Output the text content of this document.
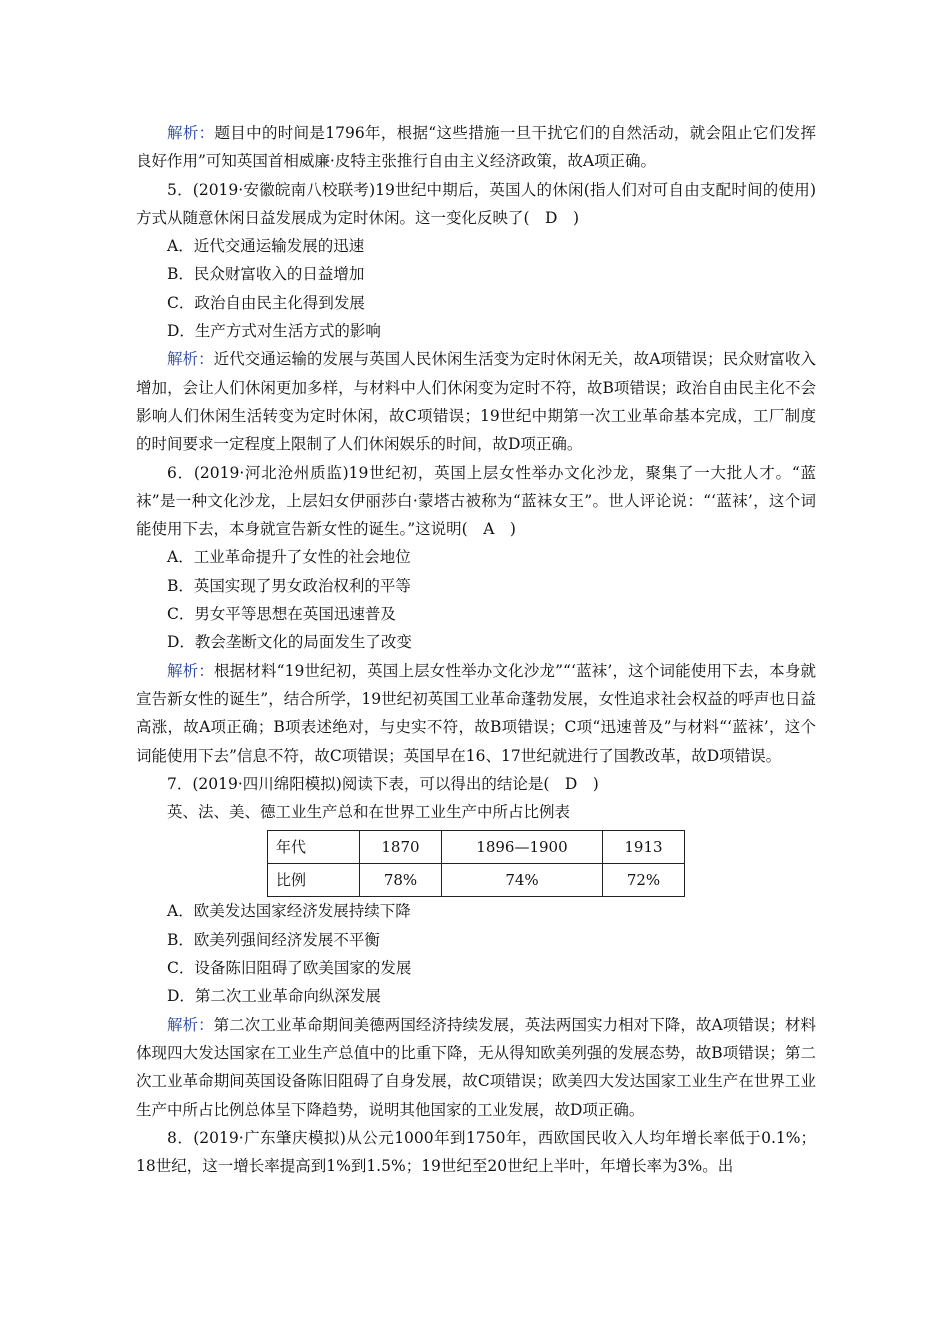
解析：题目中的时间是1796年，根据“这些措施一旦干扰它们的自然活动，就会阻止它们发挥良好作用”可知英国首相威廉·皮特主张推行自由主义经济政策，故A项正确。

5．(2019·安徽皖南八校联考)19世纪中期后，英国人的休闲(指人们对可自由支配时间的使用)方式从随意休闲日益发展成为定时休闲。这一变化反映了(　D　)

A．近代交通运输发展的迅速

B．民众财富收入的日益增加

C．政治自由民主化得到发展

D．生产方式对生活方式的影响

解析：近代交通运输的发展与英国人民休闲生活变为定时休闲无关，故A项错误；民众财富收入增加，会让人们休闲更加多样，与材料中人们休闲变为定时不符，故B项错误；政治自由民主化不会影响人们休闲生活转变为定时休闲，故C项错误；19世纪中期第一次工业革命基本完成，工厂制度的时间要求一定程度上限制了人们休闲娱乐的时间，故D项正确。

6．(2019·河北沧州质监)19世纪初，英国上层女性举办文化沙龙，聚集了一大批人才。“蓝袜”是一种文化沙龙，上层妇女伊丽莎白·蒙塔古被称为“蓝袜女王”。世人评论说：“‘蓝袜’，这个词能使用下去，本身就宣告新女性的诞生。”这说明(　A　)

A．工业革命提升了女性的社会地位

B．英国实现了男女政治权利的平等

C．男女平等思想在英国迅速普及

D．教会垄断文化的局面发生了改变

解析：根据材料“19世纪初，英国上层女性举办文化沙龙”“‘蓝袜’，这个词能使用下去，本身就宣告新女性的诞生”，结合所学，19世纪初英国工业革命蓬勃发展，女性追求社会权益的呼声也日益高涨，故A项正确；B项表述绝对，与史实不符，故B项错误；C项“迅速普及”与材料“‘蓝袜’，这个词能使用下去”信息不符，故C项错误；英国早在16、17世纪就进行了国教改革，故D项错误。

7．(2019·四川绵阳模拟)阅读下表，可以得出的结论是(　D　)

英、法、美、德工业生产总和在世界工业生产中所占比例表

年代	1870	1896—1900	1913
比例	78%	74%	72%

A．欧美发达国家经济发展持续下降

B．欧美列强间经济发展不平衡

C．设备陈旧阻碍了欧美国家的发展

D．第二次工业革命向纵深发展

解析：第二次工业革命期间美德两国经济持续发展，英法两国实力相对下降，故A项错误；材料体现四大发达国家在工业生产总值中的比重下降，无从得知欧美列强的发展态势，故B项错误；第二次工业革命期间英国设备陈旧阻碍了自身发展，故C项错误；欧美四大发达国家工业生产在世界工业生产中所占比例总体呈下降趋势，说明其他国家的工业发展，故D项正确。

8．(2019·广东肇庆模拟)从公元1000年到1750年，西欧国民收入人均年增长率低于0.1%；18世纪，这一增长率提高到1%到1.5%；19世纪至20世纪上半叶，年增长率为3%。出
